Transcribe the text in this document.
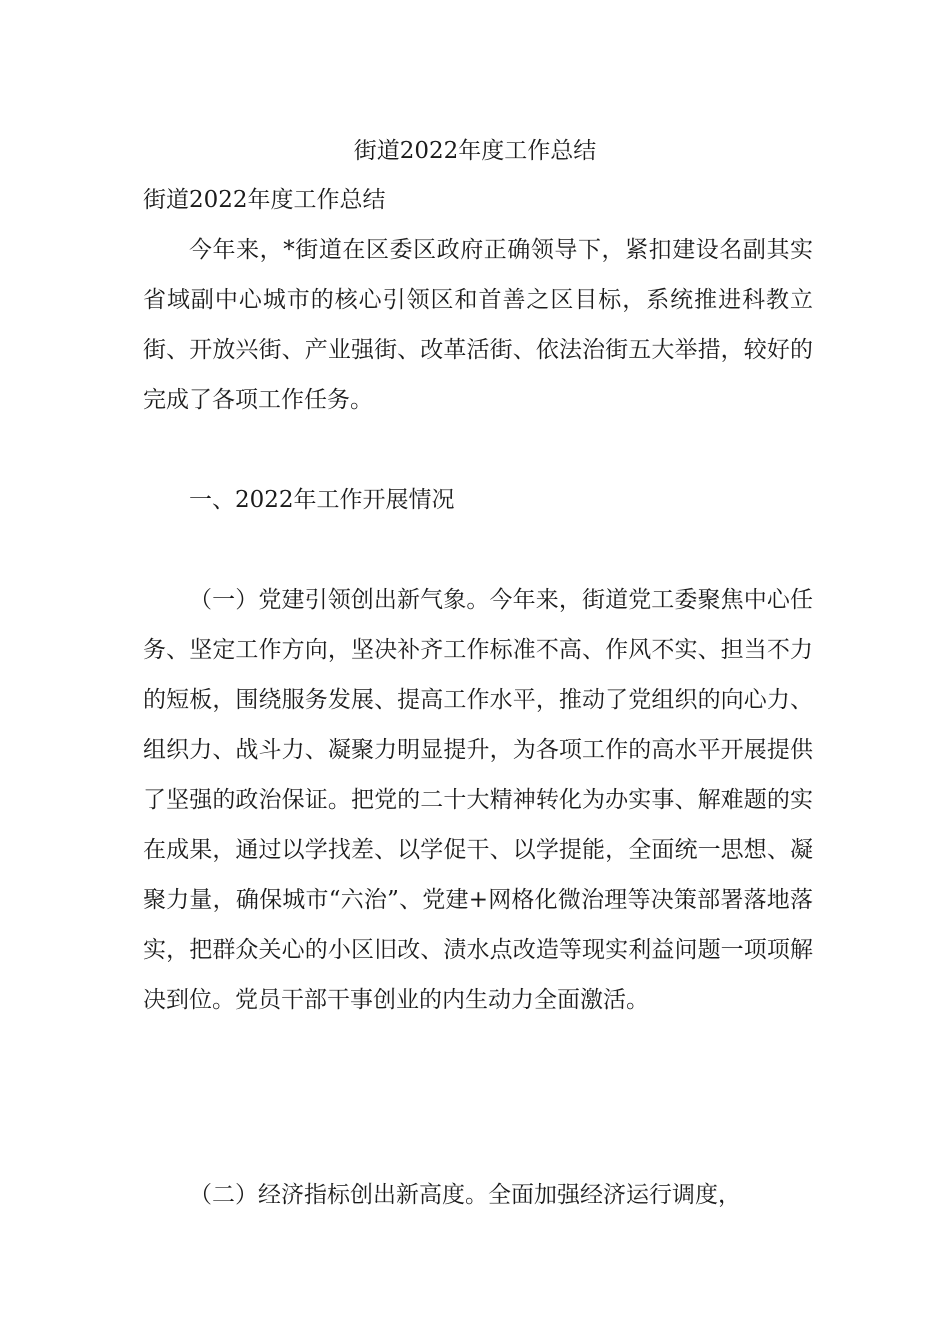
街道2022年度工作总结

街道2022年度工作总结

今年来，*街道在区委区政府正确领导下，紧扣建设名副其实省域副中心城市的核心引领区和首善之区目标，系统推进科教立街、开放兴街、产业强街、改革活街、依法治街五大举措，较好的完成了各项工作任务。

一、2022年工作开展情况

（一）党建引领创出新气象。今年来，街道党工委聚焦中心任务、坚定工作方向，坚决补齐工作标准不高、作风不实、担当不力的短板，围绕服务发展、提高工作水平，推动了党组织的向心力、组织力、战斗力、凝聚力明显提升，为各项工作的高水平开展提供了坚强的政治保证。把党的二十大精神转化为办实事、解难题的实在成果，通过以学找差、以学促干、以学提能，全面统一思想、凝聚力量，确保城市“六治”、党建+网格化微治理等决策部署落地落实，把群众关心的小区旧改、渍水点改造等现实利益问题一项项解决到位。党员干部干事创业的内生动力全面激活。

（二）经济指标创出新高度。全面加强经济运行调度，
